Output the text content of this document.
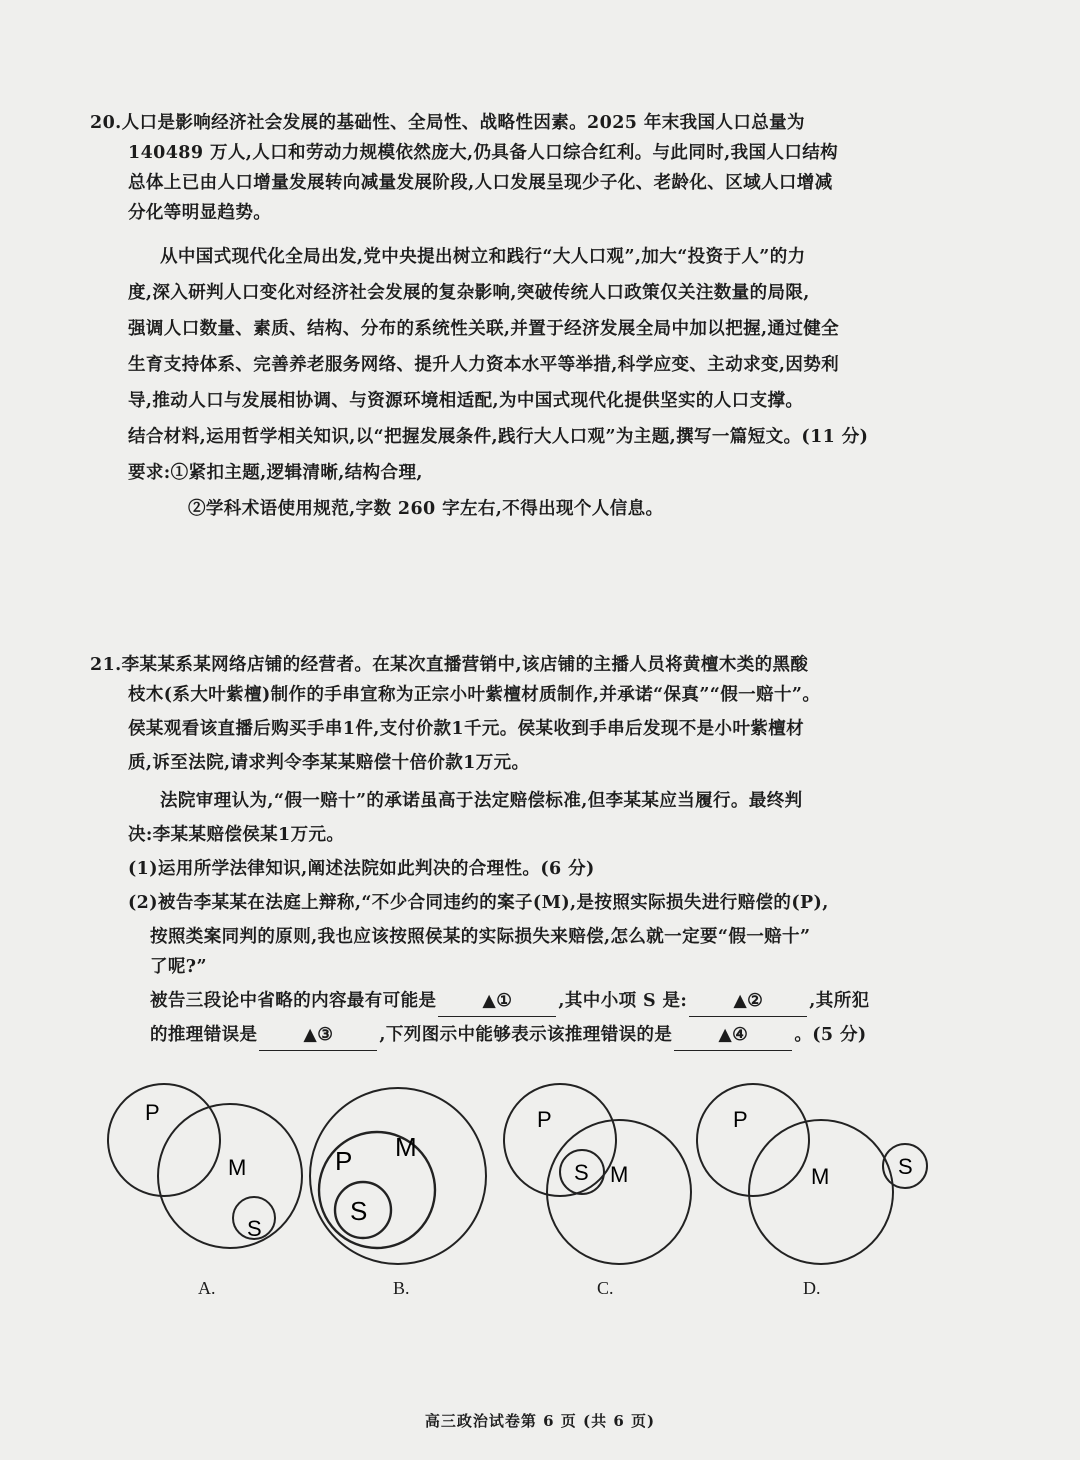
20.人口是影响经济社会发展的基础性、全局性、战略性因素。2025 年末我国人口总量为
140489 万人,人口和劳动力规模依然庞大,仍具备人口综合红利。与此同时,我国人口结构
总体上已由人口增量发展转向减量发展阶段,人口发展呈现少子化、老龄化、区域人口增减
分化等明显趋势。
从中国式现代化全局出发,党中央提出树立和践行“大人口观”,加大“投资于人”的力
度,深入研判人口变化对经济社会发展的复杂影响,突破传统人口政策仅关注数量的局限,
强调人口数量、素质、结构、分布的系统性关联,并置于经济发展全局中加以把握,通过健全
生育支持体系、完善养老服务网络、提升人力资本水平等举措,科学应变、主动求变,因势利
导,推动人口与发展相协调、与资源环境相适配,为中国式现代化提供坚实的人口支撑。
结合材料,运用哲学相关知识,以“把握发展条件,践行大人口观”为主题,撰写一篇短文。(11 分)
要求:①紧扣主题,逻辑清晰,结构合理,
②学科术语使用规范,字数 260 字左右,不得出现个人信息。
21.李某某系某网络店铺的经营者。在某次直播营销中,该店铺的主播人员将黄檀木类的黑酸
枝木(系大叶紫檀)制作的手串宣称为正宗小叶紫檀材质制作,并承诺“保真”“假一赔十”。
侯某观看该直播后购买手串1件,支付价款1千元。侯某收到手串后发现不是小叶紫檀材
质,诉至法院,请求判令李某某赔偿十倍价款1万元。
法院审理认为,“假一赔十”的承诺虽高于法定赔偿标准,但李某某应当履行。最终判
决:李某某赔偿侯某1万元。
(1)运用所学法律知识,阐述法院如此判决的合理性。(6 分)
(2)被告李某某在法庭上辩称,“不少合同违约的案子(M),是按照实际损失进行赔偿的(P),
按照类案同判的原则,我也应该按照侯某的实际损失来赔偿,怎么就一定要“假一赔十”
了呢?”
被告三段论中省略的内容最有可能是	▲①	,其中小项 S 是:	▲②	,其所犯
的推理错误是	▲③	,下列图示中能够表示该推理错误的是	▲④	。(5 分)
P
M
S
A.
P M
S
B.
P
S M
C.
P
M	S
D.
高三政治试卷第 6 页 (共 6 页)
